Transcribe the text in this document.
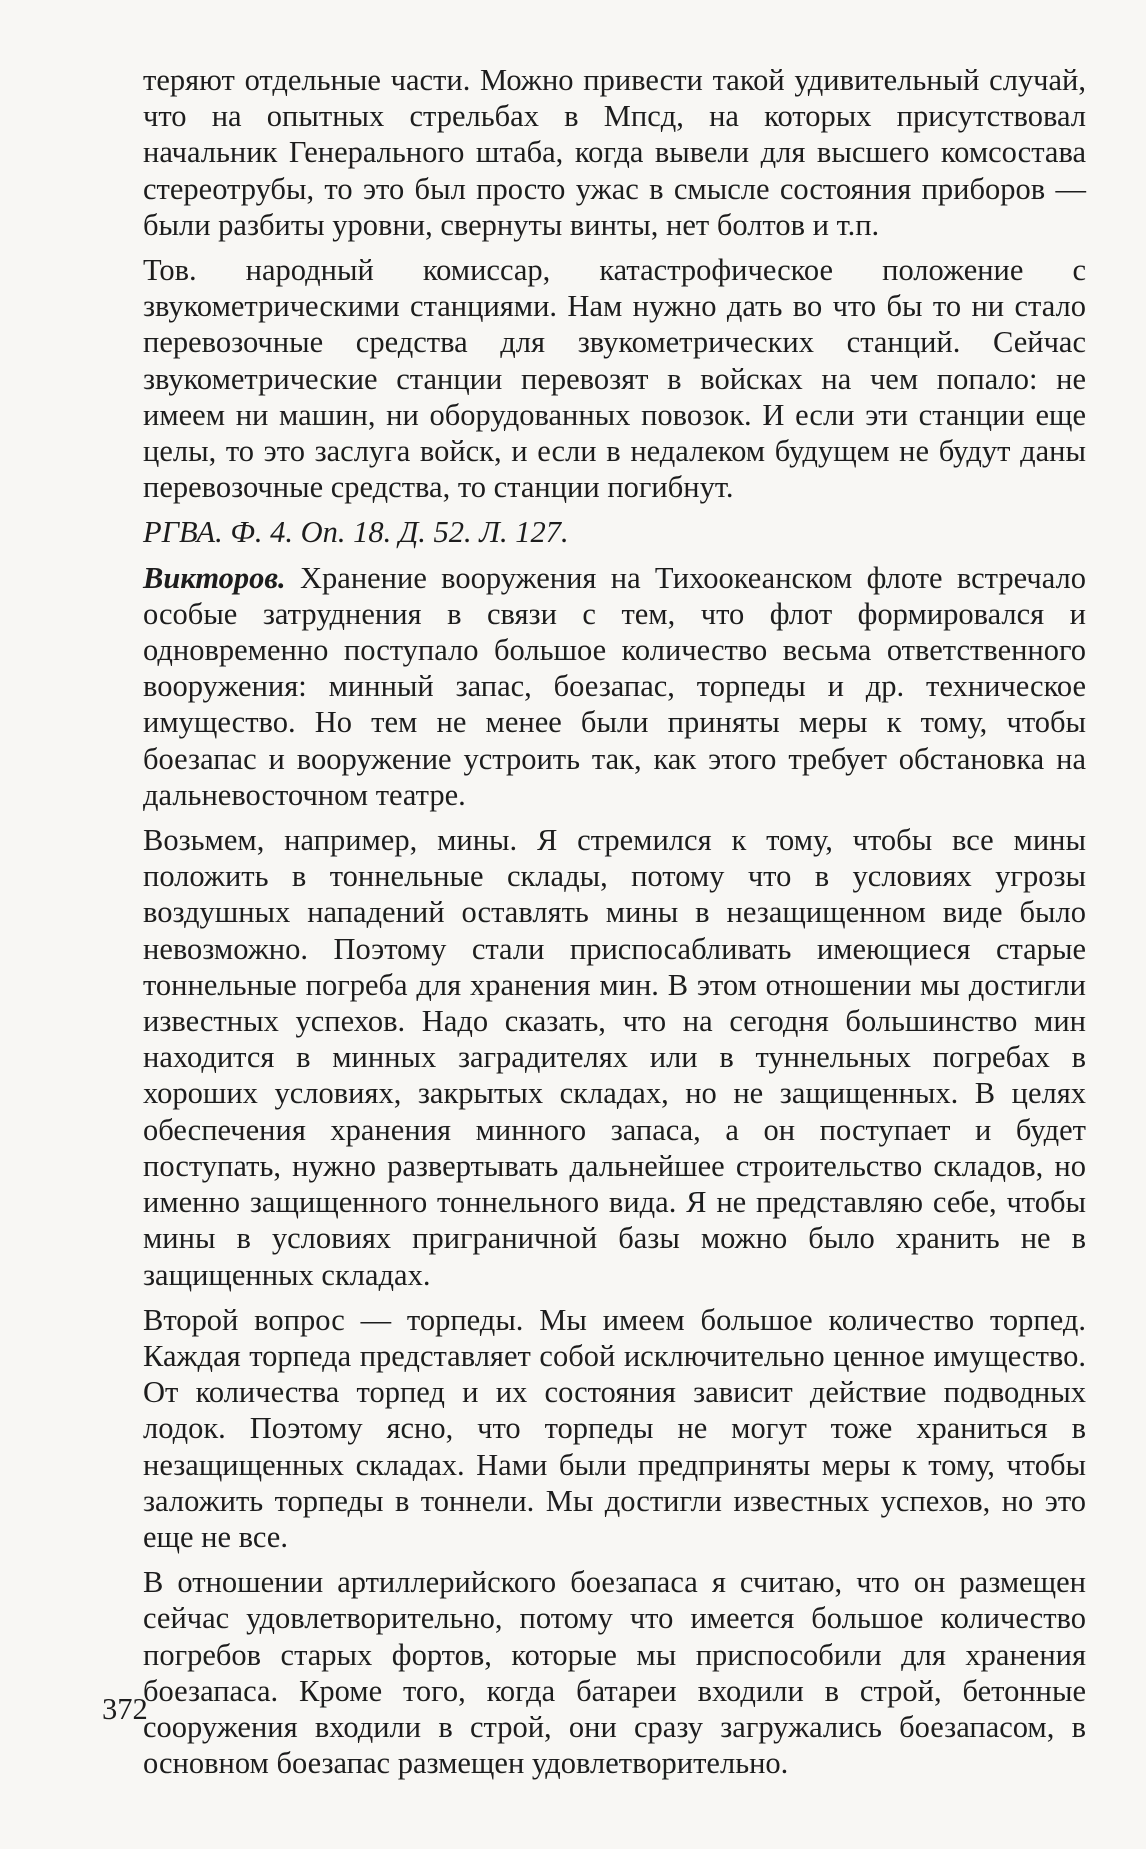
теряют отдельные части. Можно привести такой удивительный случай, что на опытных стрельбах в Мпсд, на которых присутствовал начальник Генерального штаба, когда вывели для высшего комсостава стереотрубы, то это был просто ужас в смысле состояния приборов — были разбиты уровни, свернуты винты, нет болтов и т.п.

Тов. народный комиссар, катастрофическое положение с звукометрическими станциями. Нам нужно дать во что бы то ни стало перевозочные средства для звукометрических станций. Сейчас звукометрические станции перевозят в войсках на чем попало: не имеем ни машин, ни оборудованных повозок. И если эти станции еще целы, то это заслуга войск, и если в недалеком будущем не будут даны перевозочные средства, то станции погибнут.

РГВА. Ф. 4. Оп. 18. Д. 52. Л. 127.

Викторов. Хранение вооружения на Тихоокеанском флоте встречало особые затруднения в связи с тем, что флот формировался и одновременно поступало большое количество весьма ответственного вооружения: минный запас, боезапас, торпеды и др. техническое имущество. Но тем не менее были приняты меры к тому, чтобы боезапас и вооружение устроить так, как этого требует обстановка на дальневосточном театре.

Возьмем, например, мины. Я стремился к тому, чтобы все мины положить в тоннельные склады, потому что в условиях угрозы воздушных нападений оставлять мины в незащищенном виде было невозможно. Поэтому стали приспосабливать имеющиеся старые тоннельные погреба для хранения мин. В этом отношении мы достигли известных успехов. Надо сказать, что на сегодня большинство мин находится в минных заградителях или в туннельных погребах в хороших условиях, закрытых складах, но не защищенных. В целях обеспечения хранения минного запаса, а он поступает и будет поступать, нужно развертывать дальнейшее строительство складов, но именно защищенного тоннельного вида. Я не представляю себе, чтобы мины в условиях приграничной базы можно было хранить не в защищенных складах.

Второй вопрос — торпеды. Мы имеем большое количество торпед. Каждая торпеда представляет собой исключительно ценное имущество. От количества торпед и их состояния зависит действие подводных лодок. Поэтому ясно, что торпеды не могут тоже храниться в незащищенных складах. Нами были предприняты меры к тому, чтобы заложить торпеды в тоннели. Мы достигли известных успехов, но это еще не все.

В отношении артиллерийского боезапаса я считаю, что он размещен сейчас удовлетворительно, потому что имеется большое количество погребов старых фортов, которые мы приспособили для хранения боезапаса. Кроме того, когда батареи входили в строй, бетонные сооружения входили в строй, они сразу загружались боезапасом, в основном боезапас размещен удовлетворительно.

372
